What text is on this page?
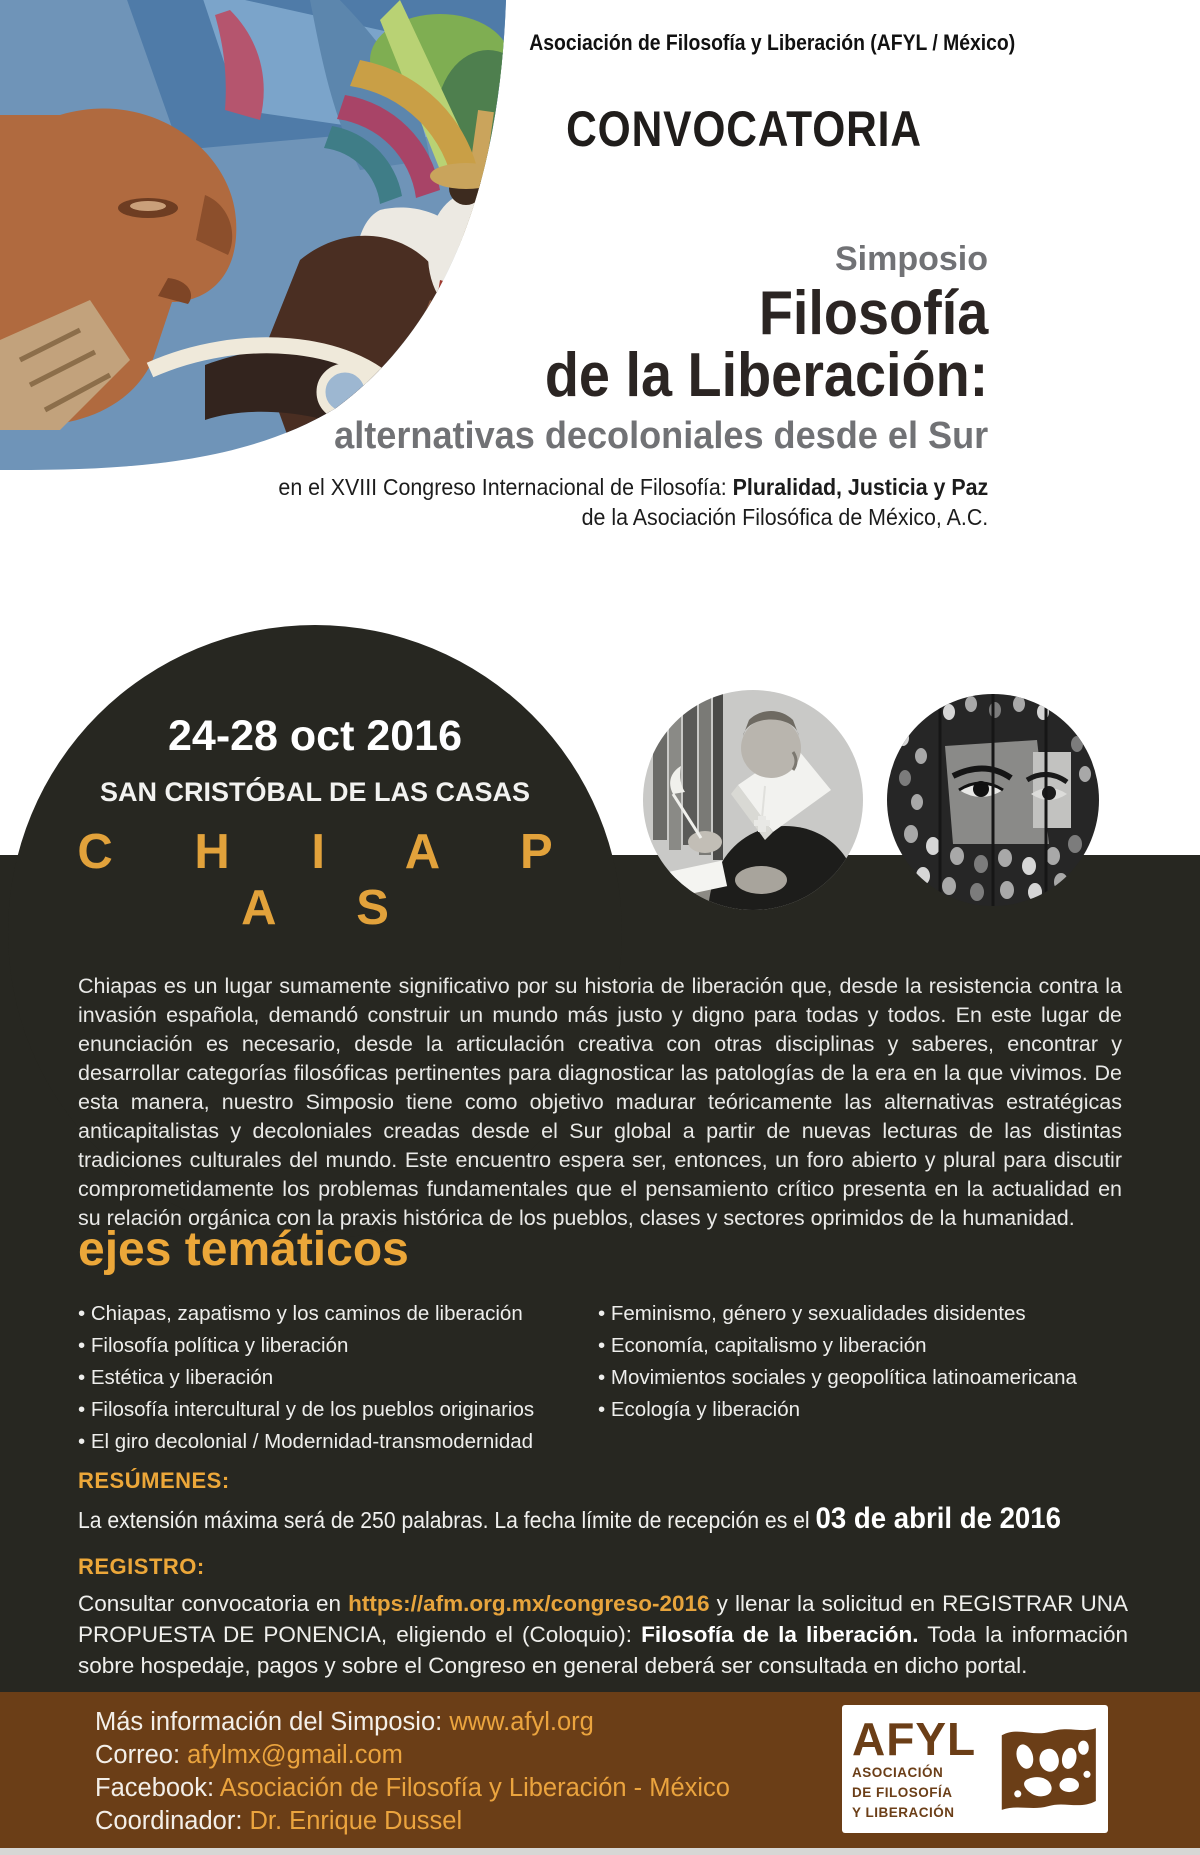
Asociación de Filosofía y Liberación (AFYL / México)
CONVOCATORIA
Simposio
Filosofía
de la Liberación:
alternativas decoloniales desde el Sur
en el XVIII Congreso Internacional de Filosofía: Pluralidad, Justicia y Paz
de la Asociación Filosófica de México, A.C.
24-28 oct 2016
SAN CRISTÓBAL DE LAS CASAS
C H I A P A S

Chiapas es un lugar sumamente significativo por su historia de liberación que, desde la resistencia contra la invasión española, demandó construir un mundo más justo y digno para todas y todos. En este lugar de enunciación es necesario, desde la articulación creativa con otras disciplinas y saberes, encontrar y desarrollar categorías filosóficas pertinentes para diagnosticar las patologías de la era en la que vivimos. De esta manera, nuestro Simposio tiene como objetivo madurar teóricamente las alternativas estratégicas anticapitalistas y decoloniales creadas desde el Sur global a partir de nuevas lecturas de las distintas tradiciones culturales del mundo. Este encuentro espera ser, entonces, un foro abierto y plural para discutir comprometidamente los problemas fundamentales que el pensamiento crítico presenta en la actualidad en su relación orgánica con la praxis histórica de los pueblos, clases y sectores oprimidos de la humanidad.

ejes temáticos
• Chiapas, zapatismo y los caminos de liberación
• Filosofía política y liberación
• Estética y liberación
• Filosofía intercultural y de los pueblos originarios
• El giro decolonial / Modernidad-transmodernidad
• Feminismo, género y sexualidades disidentes
• Economía, capitalismo y liberación
• Movimientos sociales y geopolítica latinoamericana
• Ecología y liberación
RESÚMENES:
La extensión máxima será de 250 palabras. La fecha límite de recepción es el 03 de abril de 2016
REGISTRO:

Consultar convocatoria en https://afm.org.mx/congreso-2016 y llenar la solicitud en REGISTRAR UNA PROPUESTA DE PONENCIA, eligiendo el (Coloquio): Filosofía de la liberación. Toda la información sobre hospedaje, pagos y sobre el Congreso en general deberá ser consultada en dicho portal.

Más información del Simposio: www.afyl.org
Correo: afylmx@gmail.com
Facebook: Asociación de Filosofía y Liberación - México
Coordinador: Dr. Enrique Dussel
AFYL
ASOCIACIÓN
DE FILOSOFÍA
Y LIBERACIÓN
